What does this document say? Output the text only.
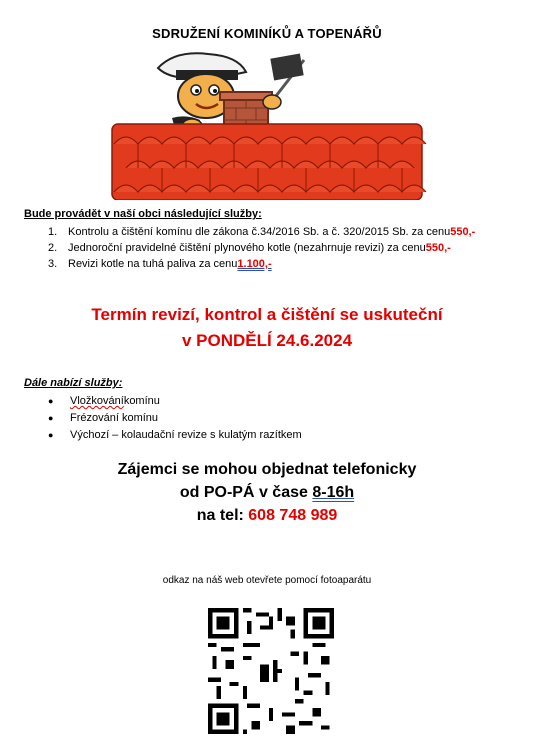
SDRUŽENÍ KOMINÍKŮ A TOPENÁŘŮ
Bude provádět v naší obci následující služby:
1. Kontrolu a čištění komínu dle zákona č.34/2016 Sb. a č. 320/2015 Sb. za cenu 550,-
2. Jednoroční pravidelné čištění plynového kotle (nezahrnuje revizi) za cenu 550,-
3. Revizi kotle na tuhá paliva za cenu 1.100,-
Termín revizí, kontrol a čištění se uskuteční
v PONDĚLÍ 24.6.2024
Dále nabízí služby:
●	Vložkování komínu
●	Frézování komínu
●	Výchozí – kolaudační revize s kulatým razítkem
Zájemci se mohou objednat telefonicky
od PO-PÁ v čase 8-16h
na tel: 608 748 989
odkaz na náš web otevřete pomocí fotoaparátu
